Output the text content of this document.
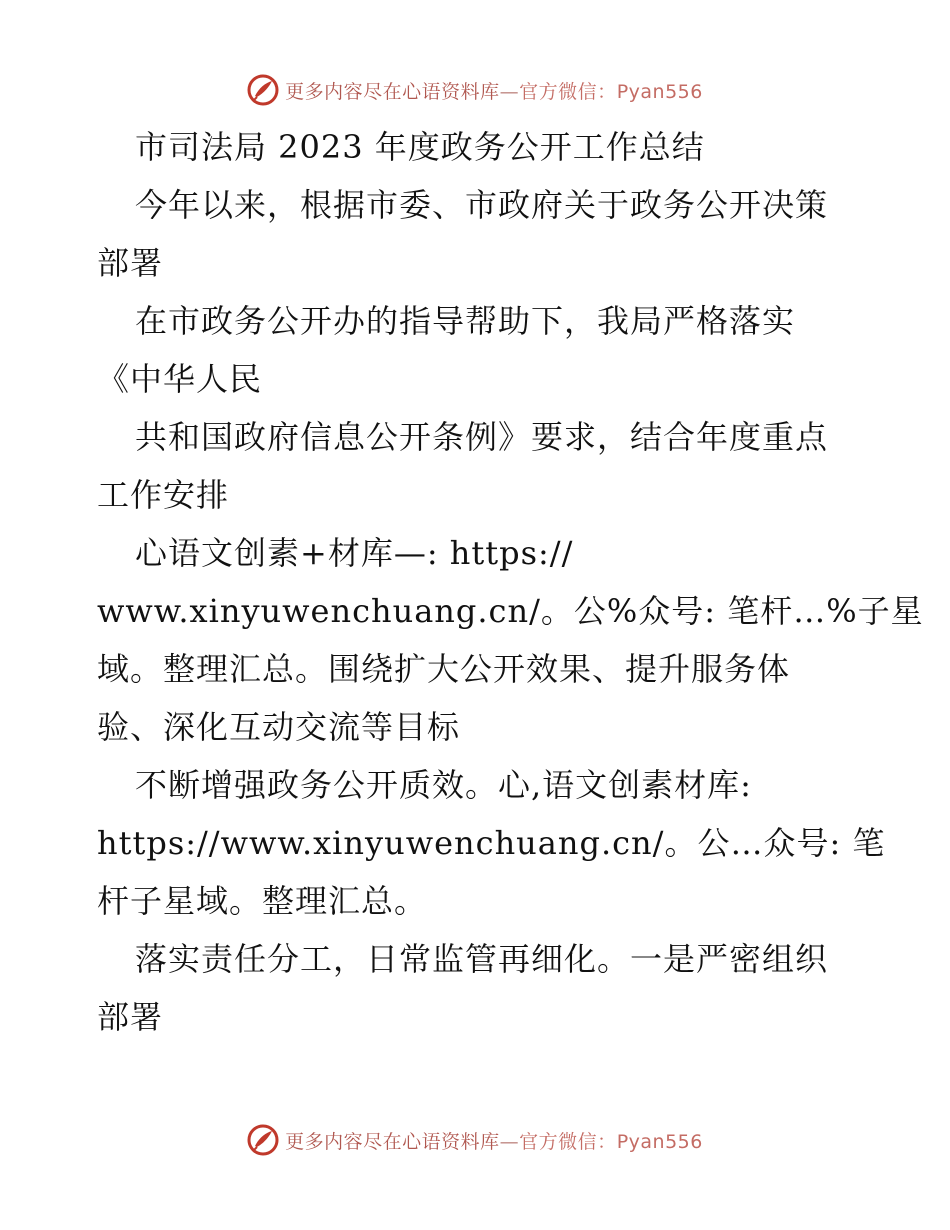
更多内容尽在心语资料库—官方微信：Pyan556
市司法局 2023 年度政务公开工作总结
今年以来，根据市委、市政府关于政务公开决策
部署
在市政务公开办的指导帮助下，我局严格落实
《中华人民
共和国政府信息公开条例》要求，结合年度重点
工作安排
心语文创素+材库—: https://
www.xinyuwenchuang.cn/。公%众号: 笔杆…%子星
域。整理汇总。围绕扩大公开效果、提升服务体
验、深化互动交流等目标
不断增强政务公开质效。心,语文创素材库:
https://www.xinyuwenchuang.cn/。公…众号: 笔
杆子星域。整理汇总。
落实责任分工，日常监管再细化。一是严密组织
部署
更多内容尽在心语资料库—官方微信：Pyan556
